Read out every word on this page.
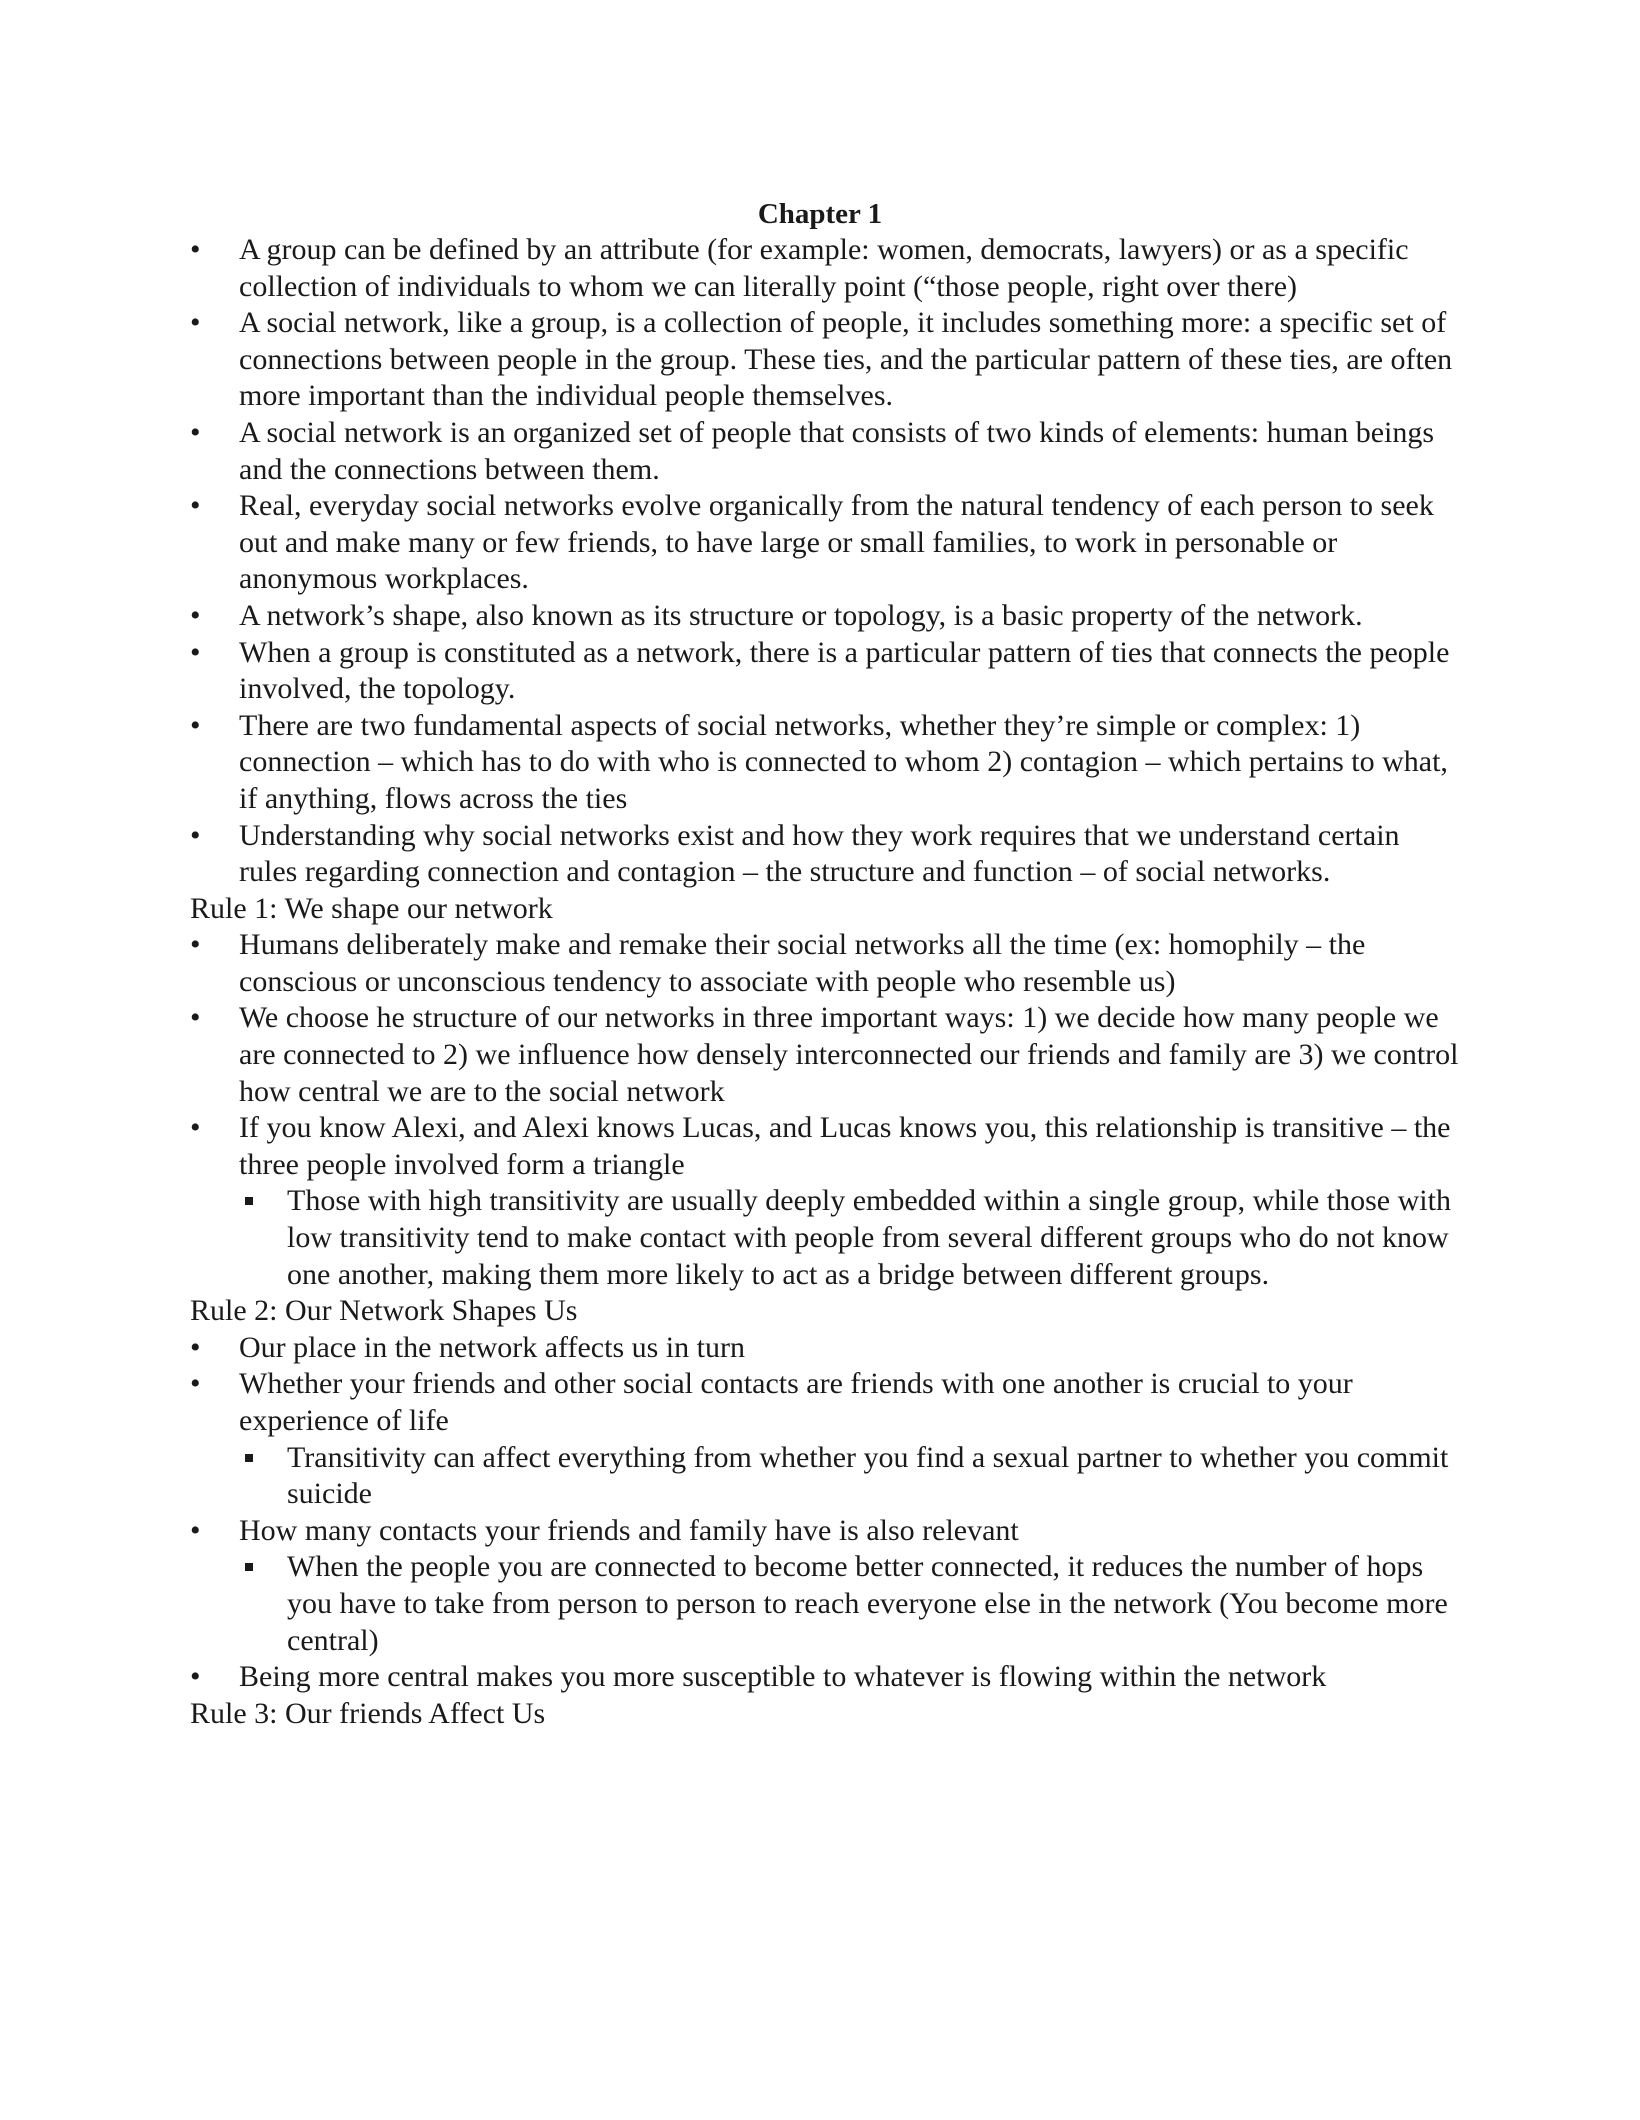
Chapter 1
• A group can be defined by an attribute (for example: women, democrats, lawyers) or as a specific collection of individuals to whom we can literally point (“those people, right over there)
• A social network, like a group, is a collection of people, it includes something more: a specific set of connections between people in the group. These ties, and the particular pattern of these ties, are often more important than the individual people themselves.
• A social network is an organized set of people that consists of two kinds of elements: human beings and the connections between them.
• Real, everyday social networks evolve organically from the natural tendency of each person to seek out and make many or few friends, to have large or small families, to work in personable or anonymous workplaces.
• A network’s shape, also known as its structure or topology, is a basic property of the network.
• When a group is constituted as a network, there is a particular pattern of ties that connects the people involved, the topology.
• There are two fundamental aspects of social networks, whether they’re simple or complex: 1) connection – which has to do with who is connected to whom 2) contagion – which pertains to what, if anything, flows across the ties
• Understanding why social networks exist and how they work requires that we understand certain rules regarding connection and contagion – the structure and function – of social networks.
Rule 1: We shape our network
• Humans deliberately make and remake their social networks all the time (ex: homophily – the conscious or unconscious tendency to associate with people who resemble us)
• We choose he structure of our networks in three important ways: 1) we decide how many people we are connected to 2) we influence how densely interconnected our friends and family are 3) we control how central we are to the social network
• If you know Alexi, and Alexi knows Lucas, and Lucas knows you, this relationship is transitive – the three people involved form a triangle
Those with high transitivity are usually deeply embedded within a single group, while those with low transitivity tend to make contact with people from several different groups who do not know one another, making them more likely to act as a bridge between different groups.
Rule 2: Our Network Shapes Us
• Our place in the network affects us in turn
• Whether your friends and other social contacts are friends with one another is crucial to your experience of life
Transitivity can affect everything from whether you find a sexual partner to whether you commit suicide
• How many contacts your friends and family have is also relevant
When the people you are connected to become better connected, it reduces the number of hops you have to take from person to person to reach everyone else in the network (You become more central)
• Being more central makes you more susceptible to whatever is flowing within the network
Rule 3: Our friends Affect Us
